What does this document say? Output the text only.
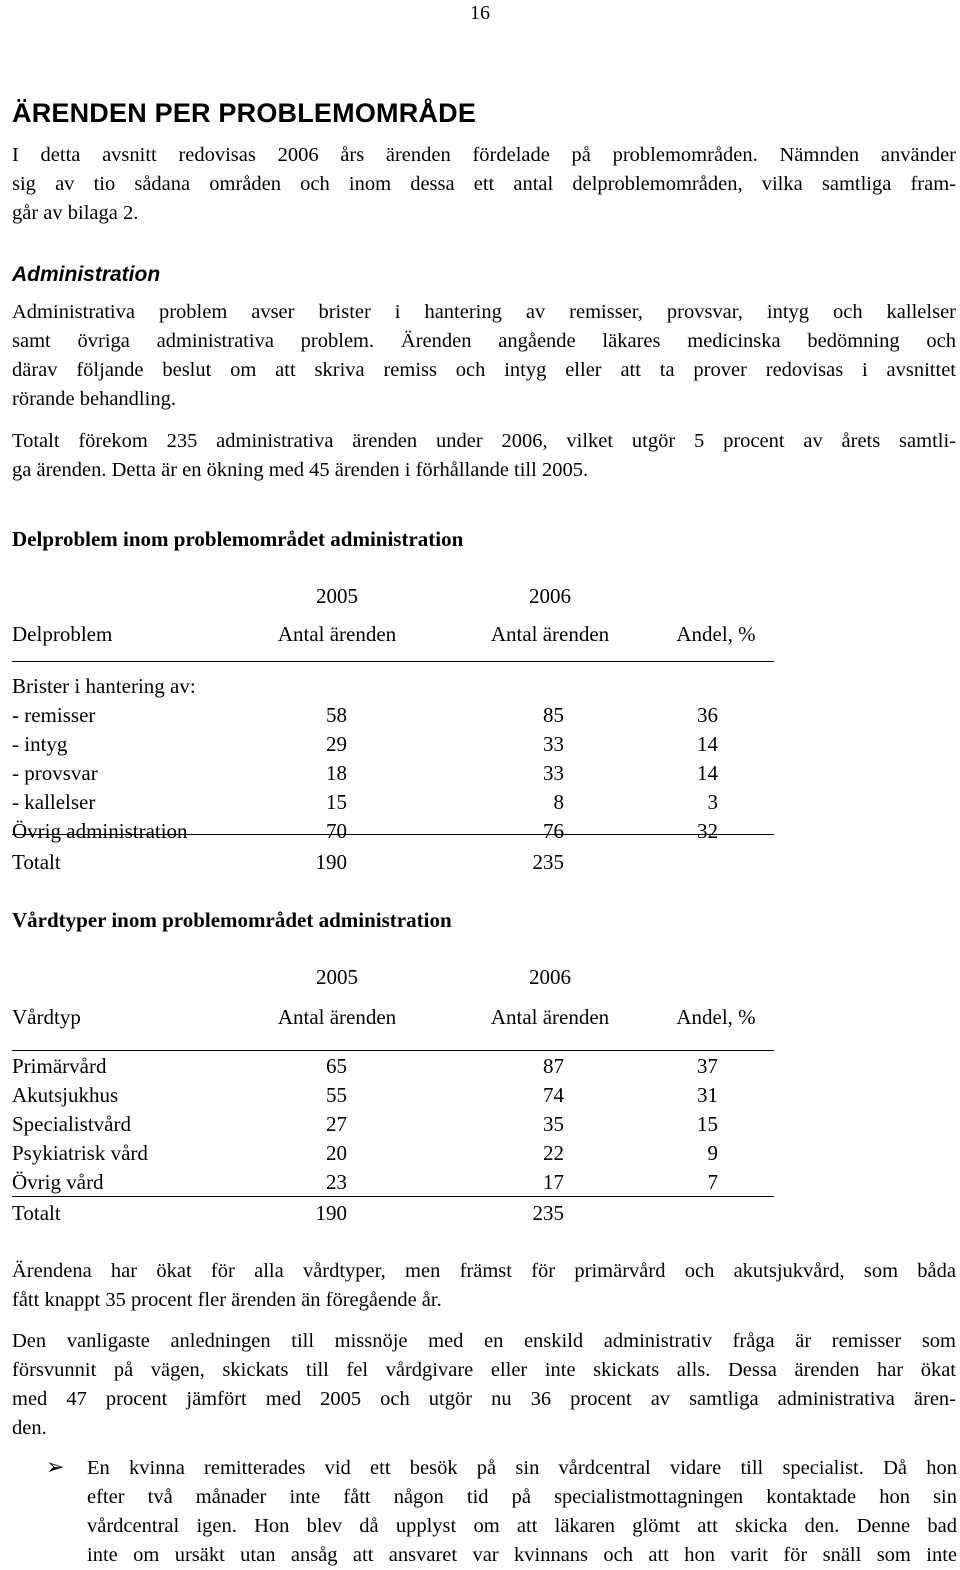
16
ÄRENDEN PER PROBLEMOMRÅDE
I detta avsnitt redovisas 2006 års ärenden fördelade på problemområden. Nämnden använder
sig av tio sådana områden och inom dessa ett antal delproblemområden, vilka samtliga fram-
går av bilaga 2.
Administration
Administrativa problem avser brister i hantering av remisser, provsvar, intyg och kallelser
samt övriga administrativa problem. Ärenden angående läkares medicinska bedömning och
därav följande beslut om att skriva remiss och intyg eller att ta prover redovisas i avsnittet
rörande behandling.
Totalt förekom 235 administrativa ärenden under 2006, vilket utgör 5 procent av årets samtli-
ga ärenden. Detta är en ökning med 45 ärenden i förhållande till 2005.
Delproblem inom problemområdet administration
2005	2006
Delproblem	Antal ärenden	Antal ärenden	Andel, %
Brister i hantering av:
- remisser	58	85	36
- intyg	29	33	14
- provsvar	18	33	14
- kallelser	15	8	3
Övrig administration	70	76	32
Totalt	190	235
Vårdtyper inom problemområdet administration
2005	2006
Vårdtyp	Antal ärenden	Antal ärenden	Andel, %
Primärvård	65	87	37
Akutsjukhus	55	74	31
Specialistvård	27	35	15
Psykiatrisk vård	20	22	9
Övrig vård	23	17	7
Totalt	190	235
Ärendena har ökat för alla vårdtyper, men främst för primärvård och akutsjukvård, som båda
fått knappt 35 procent fler ärenden än föregående år.
Den vanligaste anledningen till missnöje med en enskild administrativ fråga är remisser som
försvunnit på vägen, skickats till fel vårdgivare eller inte skickats alls. Dessa ärenden har ökat
med 47 procent jämfört med 2005 och utgör nu 36 procent av samtliga administrativa ären-
den.
➢ En kvinna remitterades vid ett besök på sin vårdcentral vidare till specialist. Då hon
efter två månader inte fått någon tid på specialistmottagningen kontaktade hon sin
vårdcentral igen. Hon blev då upplyst om att läkaren glömt att skicka den. Denne bad
inte om ursäkt utan ansåg att ansvaret var kvinnans och att hon varit för snäll som inte
